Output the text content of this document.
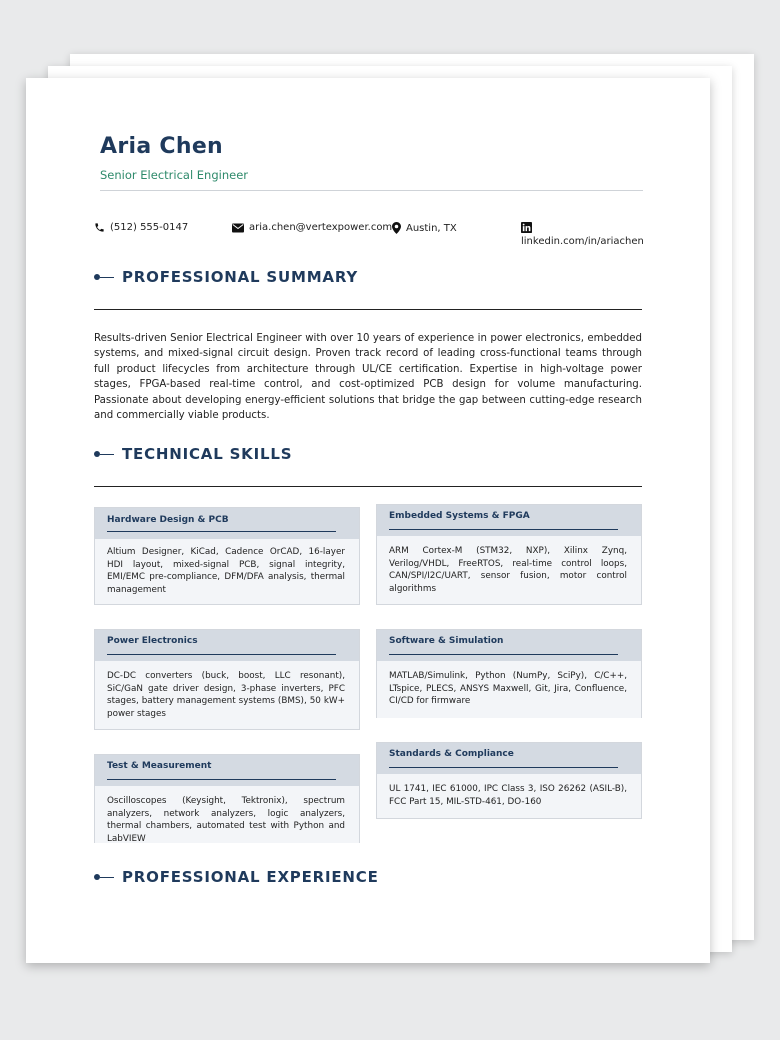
Aria Chen
Senior Electrical Engineer
(512) 555-0147	aria.chen@vertexpower.com Austin, TX
linkedin.com/in/ariachen
PROFESSIONAL SUMMARY

Results-driven Senior Electrical Engineer with over 10 years of experience in power electronics, embedded systems, and mixed-signal circuit design. Proven track record of leading cross-functional teams through full product lifecycles from architecture through UL/CE certification. Expertise in high-voltage power stages, FPGA-based real-time control, and cost-optimized PCB design for volume manufacturing. Passionate about developing energy-efficient solutions that bridge the gap between cutting-edge research and commercially viable products.

TECHNICAL SKILLS
Hardware Design & PCB
Altium Designer, KiCad, Cadence OrCAD, 16-layer HDI layout, mixed-signal PCB, signal integrity, EMI/EMC pre-compliance, DFM/DFA analysis, thermal management
Embedded Systems & FPGA
ARM Cortex-M (STM32, NXP), Xilinx Zynq, Verilog/VHDL, FreeRTOS, real-time control loops, CAN/SPI/I2C/UART, sensor fusion, motor control algorithms
Power Electronics
DC-DC converters (buck, boost, LLC resonant), SiC/GaN gate driver design, 3-phase inverters, PFC stages, battery management systems (BMS), 50 kW+ power stages
Software & Simulation
MATLAB/Simulink, Python (NumPy, SciPy), C/C++, LTspice, PLECS, ANSYS Maxwell, Git, Jira, Confluence, CI/CD for firmware
Test & Measurement
Oscilloscopes (Keysight, Tektronix), spectrum analyzers, network analyzers, logic analyzers, thermal chambers, automated test with Python and LabVIEW
Standards & Compliance
UL 1741, IEC 61000, IPC Class 3, ISO 26262 (ASIL-B), FCC Part 15, MIL-STD-461, DO-160
PROFESSIONAL EXPERIENCE
